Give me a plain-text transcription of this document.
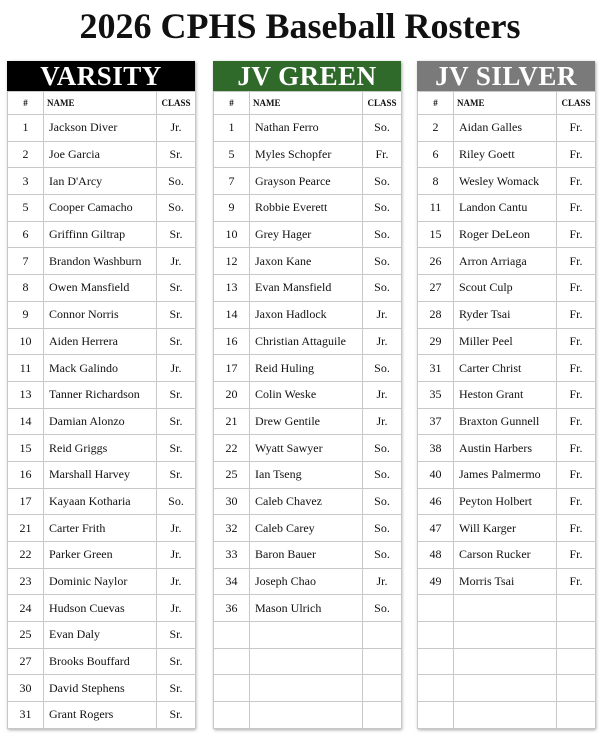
2026 CPHS Baseball Rosters
VARSITY
#	NAME	CLASS
1	Jackson Diver	Jr.
2	Joe Garcia	Sr.
3	Ian D'Arcy	So.
5	Cooper Camacho	So.
6	Griffinn Giltrap	Sr.
7	Brandon Washburn	Jr.
8	Owen Mansfield	Sr.
9	Connor Norris	Sr.
10	Aiden Herrera	Sr.
11	Mack Galindo	Jr.
13	Tanner Richardson	Sr.
14	Damian Alonzo	Sr.
15	Reid Griggs	Sr.
16	Marshall Harvey	Sr.
17	Kayaan Kotharia	So.
21	Carter Frith	Jr.
22	Parker Green	Jr.
23	Dominic Naylor	Jr.
24	Hudson Cuevas	Jr.
25	Evan Daly	Sr.
27	Brooks Bouffard	Sr.
30	David Stephens	Sr.
31	Grant Rogers	Sr.
JV GREEN
#	NAME	CLASS
1	Nathan Ferro	So.
5	Myles Schopfer	Fr.
7	Grayson Pearce	So.
9	Robbie Everett	So.
10	Grey Hager	So.
12	Jaxon Kane	So.
13	Evan Mansfield	So.
14	Jaxon Hadlock	Jr.
16	Christian Attaguile	Jr.
17	Reid Huling	So.
20	Colin Weske	Jr.
21	Drew Gentile	Jr.
22	Wyatt Sawyer	So.
25	Ian Tseng	So.
30	Caleb Chavez	So.
32	Caleb Carey	So.
33	Baron Bauer	So.
34	Joseph Chao	Jr.
36	Mason Ulrich	So.

JV SILVER
#	NAME	CLASS
2	Aidan Galles	Fr.
6	Riley Goett	Fr.
8	Wesley Womack	Fr.
11	Landon Cantu	Fr.
15	Roger DeLeon	Fr.
26	Arron Arriaga	Fr.
27	Scout Culp	Fr.
28	Ryder Tsai	Fr.
29	Miller Peel	Fr.
31	Carter Christ	Fr.
35	Heston Grant	Fr.
37	Braxton Gunnell	Fr.
38	Austin Harbers	Fr.
40	James Palmermo	Fr.
46	Peyton Holbert	Fr.
47	Will Karger	Fr.
48	Carson Rucker	Fr.
49	Morris Tsai	Fr.
